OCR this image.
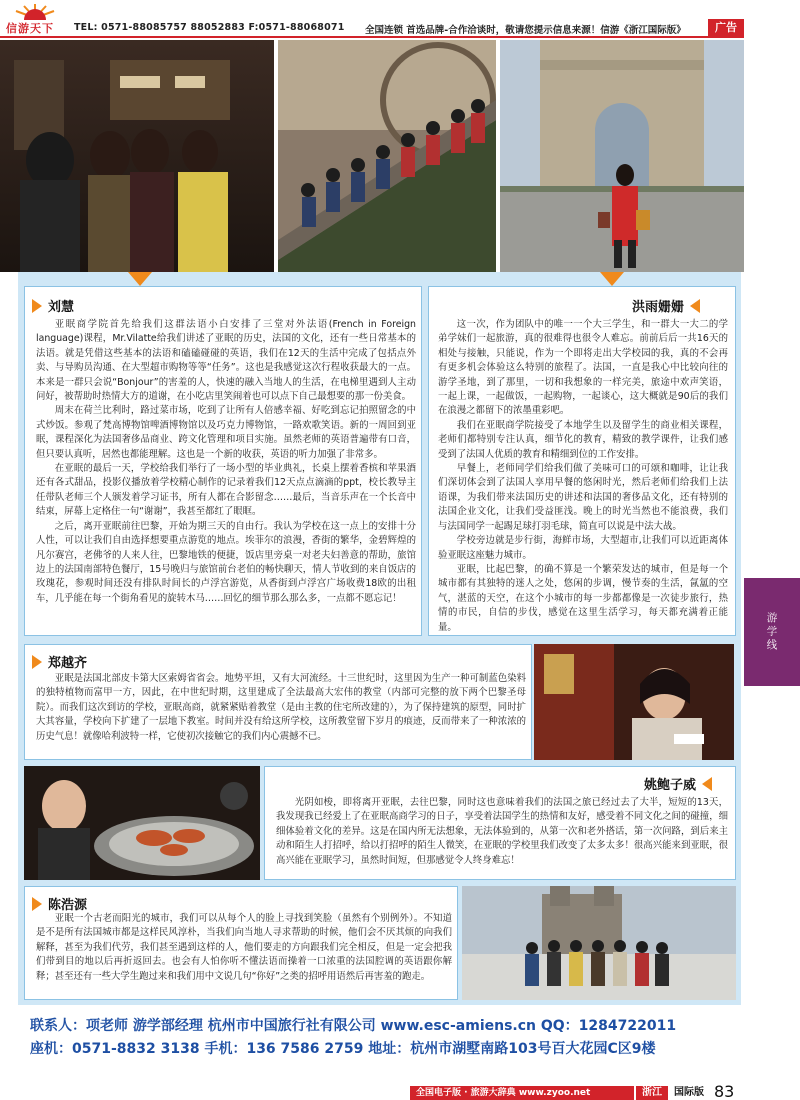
信游天下 TEL: 0571-88085757 88052883 F:0571-88068071 全国连锁 首选品牌-合作洽谈时，敬请您提示信息来源！信游《浙江国际版》	广告
刘慧

亚眠商学院首先给我们这群法语小白安排了三堂对外法语(French in Foreign language)课程，Mr.Vilatte给我们讲述了亚眠的历史，法国的文化，还有一些日常基本的法语。就是凭借这些基本的法语和磕磕碰碰的英语，我们在12天的生活中完成了包括点外卖、与导购员沟通、在大型超市购物等等“任务”。这也是我感觉这次行程收获最大的一点。本来是一群只会说“Bonjour”的害羞的人，快速的融入当地人的生活，在电梯里遇到人主动问好，被帮助时热情大方的道谢，在小吃店里笑闹着也可以点下自己最想要的那一份美食。

周末在荷兰比利时，路过菜市场，吃到了让所有人倍感幸福、好吃到忘记拍照留念的中式炒饭。参观了梵高博物馆啤酒博物馆以及巧克力博物馆，一路欢歌笑语。新的一周回到亚眠，课程深化为法国奢侈品商业、跨文化管理和项目实施。虽然老师的英语普遍带有口音，但只要认真听，居然也都能理解。这也是一个新的收获，英语的听力加强了非常多。

在亚眠的最后一天，学校给我们举行了一场小型的毕业典礼，长桌上摆着香槟和苹果酒还有各式甜品，投影仪播放着学校精心制作的记录着我们12天点点滴滴的ppt，校长教导主任带队老师三个人颁发着学习证书，所有人都在合影留念……最后，当音乐声在一个长音中结束，屏幕上定格住一句“谢谢”，我甚至都红了眼眶。

之后，离开亚眠前往巴黎，开始为期三天的自由行。我认为学校在这一点上的安排十分人性，可以让我们自由选择想要重点游览的地点。埃菲尔的浪漫，香街的繁华，金碧辉煌的凡尔赛宫，老佛爷的人来人往，巴黎地铁的便捷，饭店里旁桌一对老夫妇善意的帮助，旅馆边上的法国南部特色餐厅，15号晚归与旅馆前台老伯的畅快聊天，情人节收到的来自饭店的玫瑰花，参观时间还没有排队时间长的卢浮宫游览，从香街到卢浮宫广场收费18欧的出租车，几乎能在每一个街角看见的旋转木马……回忆的细节那么那么多，一点都不愿忘记！

洪雨姗姗

这一次，作为团队中的唯一一个大三学生，和一群大一大二的学弟学妹们一起旅游，真的很难得也很令人难忘。前前后后一共16天的相处与接触，只能说，作为一个即将走出大学校园的我，真的不会再有更多机会体验这么特别的旅程了。法国，一直是我心中比较向往的游学圣地，到了那里，一切和我想象的一样完美，旅途中欢声笑语，一起上课，一起做饭，一起购物，一起谈心，这大概就是90后的我们在浪漫之都留下的浓墨重彩吧。

我们在亚眠商学院接受了本地学生以及留学生的商业相关课程，老师们都特别专注认真，细节化的教育，精致的教学课件，让我们感受到了法国人优质的教育和精细到位的工作安排。

早餐上，老师同学们给我们做了美味可口的可颂和咖啡，让让我们深切体会到了法国人享用早餐的悠闲时光，然后老师们给我们上法语课，为我们带来法国历史的讲述和法国的奢侈品文化，还有特别的法国企业文化，让我们受益匪浅。晚上的时光当然也不能浪费，我们与法国同学一起踢足球打羽毛球，简直可以说是中法大战。

学校旁边就是步行街，海鲜市场，大型超市,让我们可以近距离体验亚眠这座魅力城市。

亚眠，比起巴黎，的确不算是一个繁荣发达的城市，但是每一个城市都有其独特的迷人之处，悠闲的步调，慢节奏的生活，氤氲的空气，湛蓝的天空，在这个小城市的每一步都都像是一次徒步旅行，热情的市民，自信的步伐，感觉在这里生活学习，每天都充满着正能量。

郑越齐

亚眠是法国北部皮卡第大区索姆省省会。地势平坦，又有大河流经。十三世纪时，这里因为生产一种可制蓝色染料的独特植物而富甲一方，因此，在中世纪时期，这里建成了全法最高大宏伟的教堂（内部可完整的放下两个巴黎圣母院）。而我们这次到访的学校，亚眠高商，就紧紧贴着教堂（是由主教的住宅所改建的），为了保持建筑的原型，同时扩大其容量，学校向下扩建了一层地下教室。时间并没有给这所学校，这所教堂留下岁月的痕迹，反而带来了一种浓浓的历史气息！就像哈利波特一样，它使初次接触它的我们内心震撼不已。

姚鲍子威

光阴如梭，即将离开亚眠，去往巴黎，同时这也意味着我们的法国之旅已经过去了大半，短短的13天，我发现我已经爱上了在亚眠高商学习的日子，享受着法国学生的热情和友好，感受着不同文化之间的碰撞，细细体验着文化的差异。这是在国内所无法想象，无法体验到的，从第一次和老外搭话，第一次问路，到后来主动和陌生人打招呼，给以打招呼的陌生人微笑，在亚眠的学校里我们改变了太多太多！很高兴能来到亚眠，很高兴能在亚眠学习，虽然时间短，但那感觉令人终身难忘！

陈浩源

亚眠一个古老而阳光的城市，我们可以从每个人的脸上寻找到笑脸（虽然有个别例外）。不知道是不是所有法国城市都是这样民风淳朴，当我们向当地人寻求帮助的时候，他们会不厌其烦的向我们解释，甚至为我们代劳，我们甚至遇到这样的人，他们要走的方向跟我们完全相反，但是一定会把我们带到目的地以后再折返回去。也会有人怕你听不懂法语而操着一口浓重的法国腔调的英语跟你解释；甚至还有一些大学生跑过来和我们用中文说几句“你好”之类的招呼用语然后再害羞的跑走。

游学线
联系人：项老师 游学部经理 杭州市中国旅行社有限公司 www.esc-amiens.cn QQ：1284722011
座机：0571-8832 3138 手机：136 7586 2759 地址：杭州市湖墅南路103号百大花园C区9楼
全国电子版 · 旅游大辞典 www.zyoo.net	浙江	国际版 83
